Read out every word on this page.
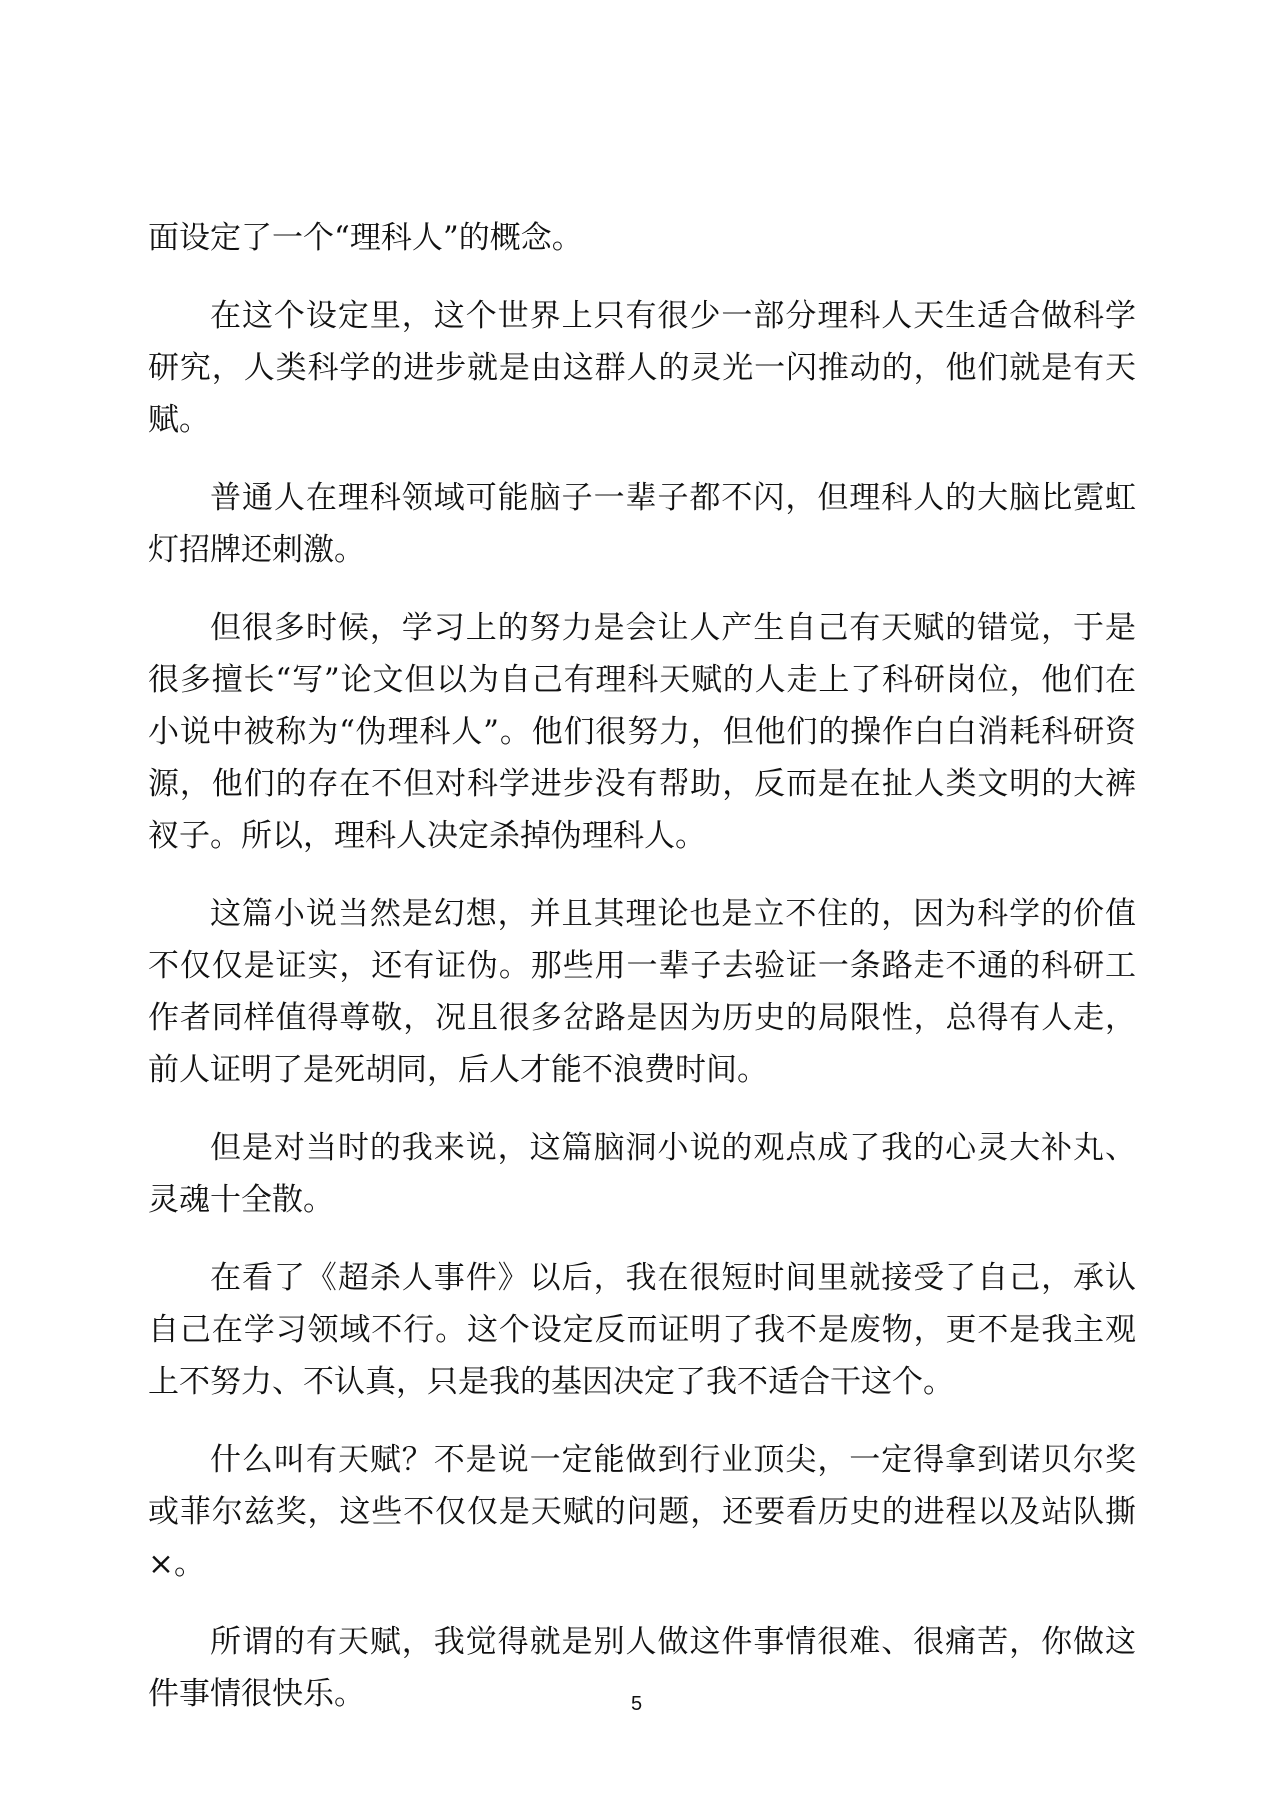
面设定了一个“理科人”的概念。

在这个设定里，这个世界上只有很少一部分理科人天生适合做科学研究，人类科学的进步就是由这群人的灵光一闪推动的，他们就是有天赋。

普通人在理科领域可能脑子一辈子都不闪，但理科人的大脑比霓虹灯招牌还刺激。

但很多时候，学习上的努力是会让人产生自己有天赋的错觉，于是很多擅长“写”论文但以为自己有理科天赋的人走上了科研岗位，他们在小说中被称为“伪理科人”。他们很努力，但他们的操作白白消耗科研资源，他们的存在不但对科学进步没有帮助，反而是在扯人类文明的大裤衩子。所以，理科人决定杀掉伪理科人。

这篇小说当然是幻想，并且其理论也是立不住的，因为科学的价值不仅仅是证实，还有证伪。那些用一辈子去验证一条路走不通的科研工作者同样值得尊敬，况且很多岔路是因为历史的局限性，总得有人走，前人证明了是死胡同，后人才能不浪费时间。

但是对当时的我来说，这篇脑洞小说的观点成了我的心灵大补丸、灵魂十全散。

在看了《超杀人事件》以后，我在很短时间里就接受了自己，承认自己在学习领域不行。这个设定反而证明了我不是废物，更不是我主观上不努力、不认真，只是我的基因决定了我不适合干这个。

什么叫有天赋？不是说一定能做到行业顶尖，一定得拿到诺贝尔奖或菲尔兹奖，这些不仅仅是天赋的问题，还要看历史的进程以及站队撕×。

所谓的有天赋，我觉得就是别人做这件事情很难、很痛苦，你做这件事情很快乐。	5
